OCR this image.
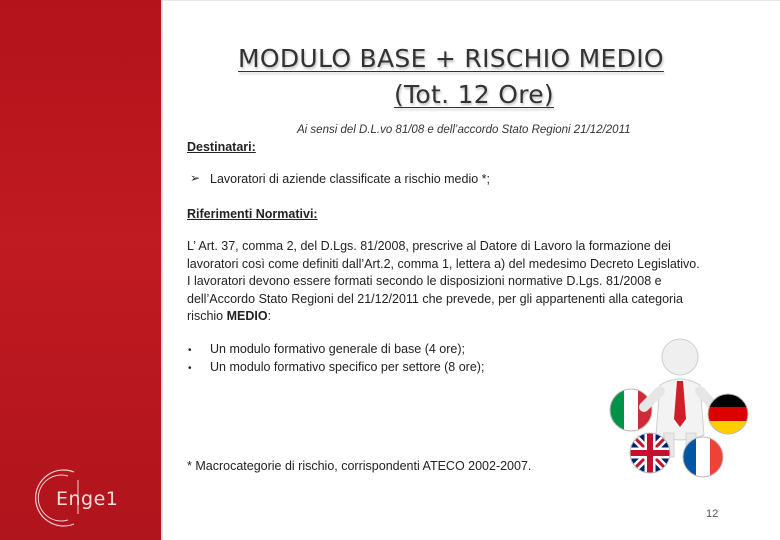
Enge1
MODULO BASE + RISCHIO MEDIO
(Tot. 12 Ore)
Ai sensi del D.L.vo 81/08 e dell’accordo Stato Regioni 21/12/2011
Destinatari:
➢ Lavoratori di aziende classificate a rischio medio *;
Riferimenti Normativi:
L’ Art. 37, comma 2, del D.Lgs. 81/2008, prescrive al Datore di Lavoro la formazione dei
lavoratori così come definiti dall’Art.2, comma 1, lettera a) del medesimo Decreto Legislativo.
I lavoratori devono essere formati secondo le disposizioni normative D.Lgs. 81/2008 e
dell’Accordo Stato Regioni del 21/12/2011 che prevede, per gli appartenenti alla categoria
rischio MEDIO:
• Un modulo formativo generale di base (4 ore);
• Un modulo formativo specifico per settore (8 ore);
* Macrocategorie di rischio, corrispondenti ATECO 2002-2007.
12
